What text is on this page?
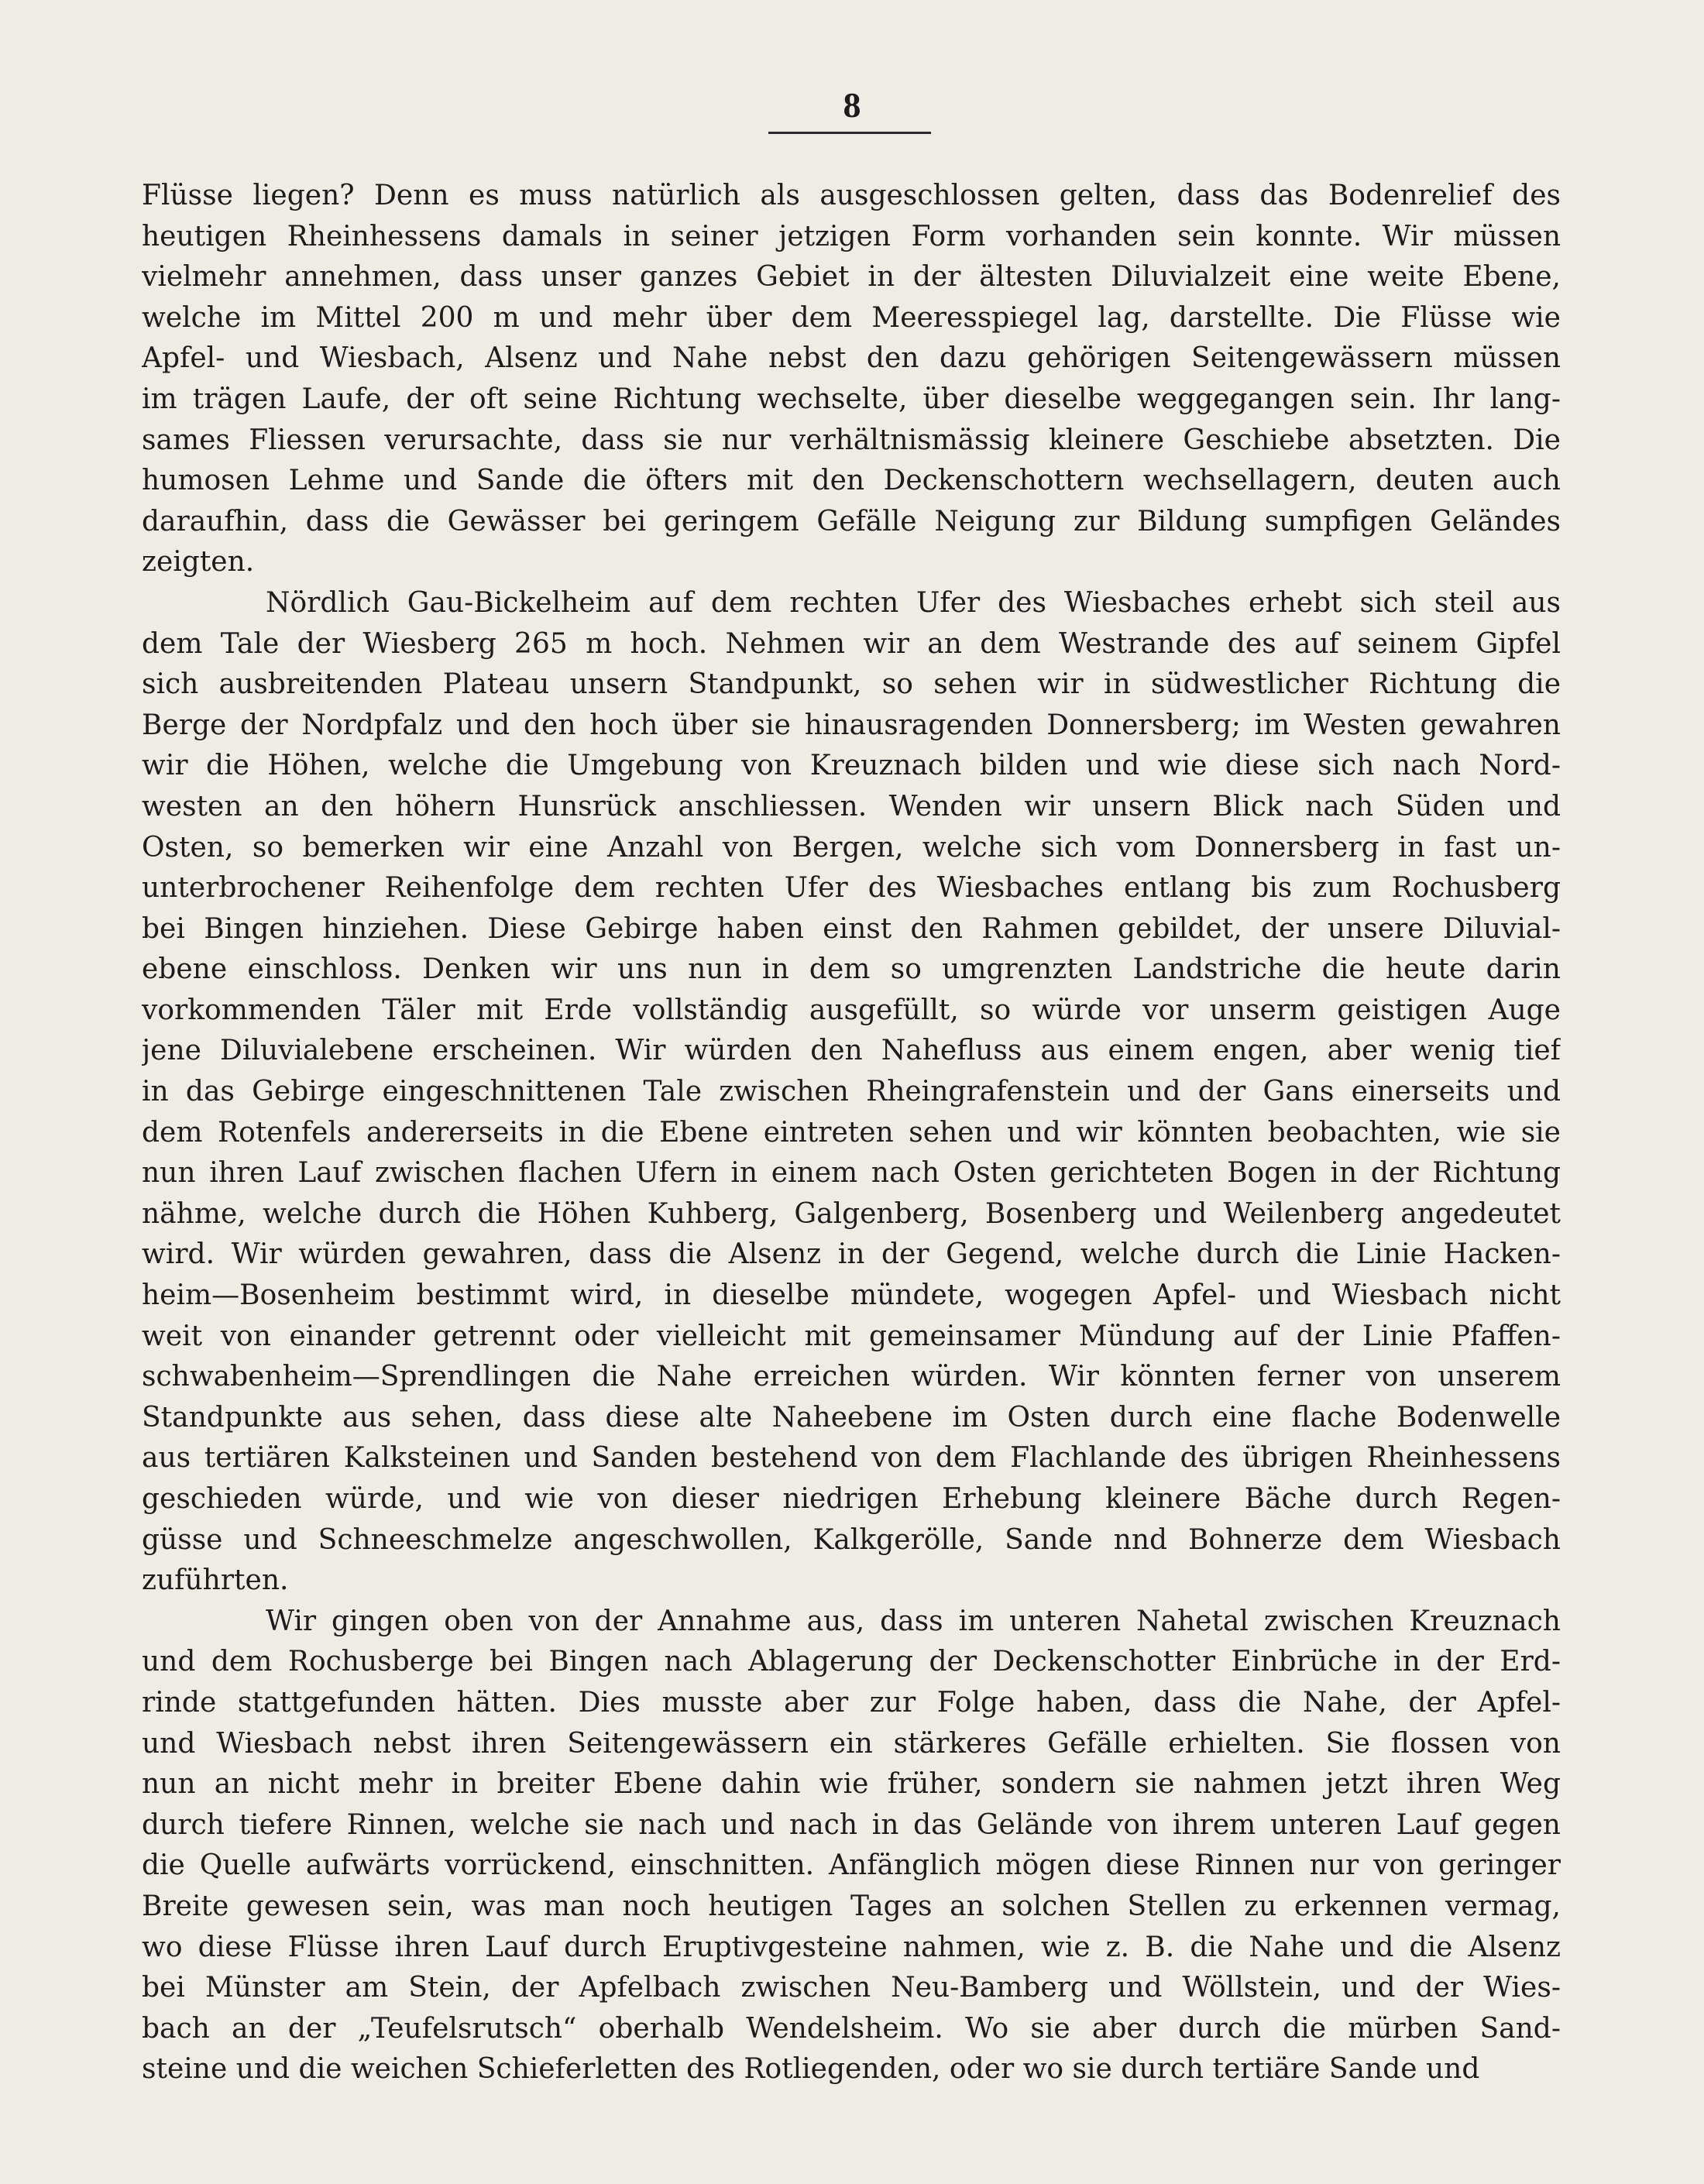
8
Flüsse liegen? Denn es muss natürlich als ausgeschlossen gelten, dass das Bodenrelief des
heutigen Rheinhessens damals in seiner jetzigen Form vorhanden sein konnte. Wir müssen
vielmehr annehmen, dass unser ganzes Gebiet in der ältesten Diluvialzeit eine weite Ebene,
welche im Mittel 200 m und mehr über dem Meeresspiegel lag, darstellte. Die Flüsse wie
Apfel- und Wiesbach, Alsenz und Nahe nebst den dazu gehörigen Seitengewässern müssen
im trägen Laufe, der oft seine Richtung wechselte, über dieselbe weggegangen sein. Ihr lang-
sames Fliessen verursachte, dass sie nur verhältnismässig kleinere Geschiebe absetzten. Die
humosen Lehme und Sande die öfters mit den Deckenschottern wechsellagern, deuten auch
daraufhin, dass die Gewässer bei geringem Gefälle Neigung zur Bildung sumpfigen Geländes
zeigten.
Nördlich Gau-Bickelheim auf dem rechten Ufer des Wiesbaches erhebt sich steil aus
dem Tale der Wiesberg 265 m hoch. Nehmen wir an dem Westrande des auf seinem Gipfel
sich ausbreitenden Plateau unsern Standpunkt, so sehen wir in südwestlicher Richtung die
Berge der Nordpfalz und den hoch über sie hinausragenden Donnersberg; im Westen gewahren
wir die Höhen, welche die Umgebung von Kreuznach bilden und wie diese sich nach Nord-
westen an den höhern Hunsrück anschliessen. Wenden wir unsern Blick nach Süden und
Osten, so bemerken wir eine Anzahl von Bergen, welche sich vom Donnersberg in fast un-
unterbrochener Reihenfolge dem rechten Ufer des Wiesbaches entlang bis zum Rochusberg
bei Bingen hinziehen. Diese Gebirge haben einst den Rahmen gebildet, der unsere Diluvial-
ebene einschloss. Denken wir uns nun in dem so umgrenzten Landstriche die heute darin
vorkommenden Täler mit Erde vollständig ausgefüllt, so würde vor unserm geistigen Auge
jene Diluvialebene erscheinen. Wir würden den Nahefluss aus einem engen, aber wenig tief
in das Gebirge eingeschnittenen Tale zwischen Rheingrafenstein und der Gans einerseits und
dem Rotenfels andererseits in die Ebene eintreten sehen und wir könnten beobachten, wie sie
nun ihren Lauf zwischen flachen Ufern in einem nach Osten gerichteten Bogen in der Richtung
nähme, welche durch die Höhen Kuhberg, Galgenberg, Bosenberg und Weilenberg angedeutet
wird. Wir würden gewahren, dass die Alsenz in der Gegend, welche durch die Linie Hacken-
heim—Bosenheim bestimmt wird, in dieselbe mündete, wogegen Apfel- und Wiesbach nicht
weit von einander getrennt oder vielleicht mit gemeinsamer Mündung auf der Linie Pfaffen-
schwabenheim—Sprendlingen die Nahe erreichen würden. Wir könnten ferner von unserem
Standpunkte aus sehen, dass diese alte Naheebene im Osten durch eine flache Bodenwelle
aus tertiären Kalksteinen und Sanden bestehend von dem Flachlande des übrigen Rheinhessens
geschieden würde, und wie von dieser niedrigen Erhebung kleinere Bäche durch Regen-
güsse und Schneeschmelze angeschwollen, Kalkgerölle, Sande nnd Bohnerze dem Wiesbach
zuführten.
Wir gingen oben von der Annahme aus, dass im unteren Nahetal zwischen Kreuznach
und dem Rochusberge bei Bingen nach Ablagerung der Deckenschotter Einbrüche in der Erd-
rinde stattgefunden hätten. Dies musste aber zur Folge haben, dass die Nahe, der Apfel-
und Wiesbach nebst ihren Seitengewässern ein stärkeres Gefälle erhielten. Sie flossen von
nun an nicht mehr in breiter Ebene dahin wie früher, sondern sie nahmen jetzt ihren Weg
durch tiefere Rinnen, welche sie nach und nach in das Gelände von ihrem unteren Lauf gegen
die Quelle aufwärts vorrückend, einschnitten. Anfänglich mögen diese Rinnen nur von geringer
Breite gewesen sein, was man noch heutigen Tages an solchen Stellen zu erkennen vermag,
wo diese Flüsse ihren Lauf durch Eruptivgesteine nahmen, wie z. B. die Nahe und die Alsenz
bei Münster am Stein, der Apfelbach zwischen Neu-Bamberg und Wöllstein, und der Wies-
bach an der „Teufelsrutsch“ oberhalb Wendelsheim. Wo sie aber durch die mürben Sand-
steine und die weichen Schieferletten des Rotliegenden, oder wo sie durch tertiäre Sande und
